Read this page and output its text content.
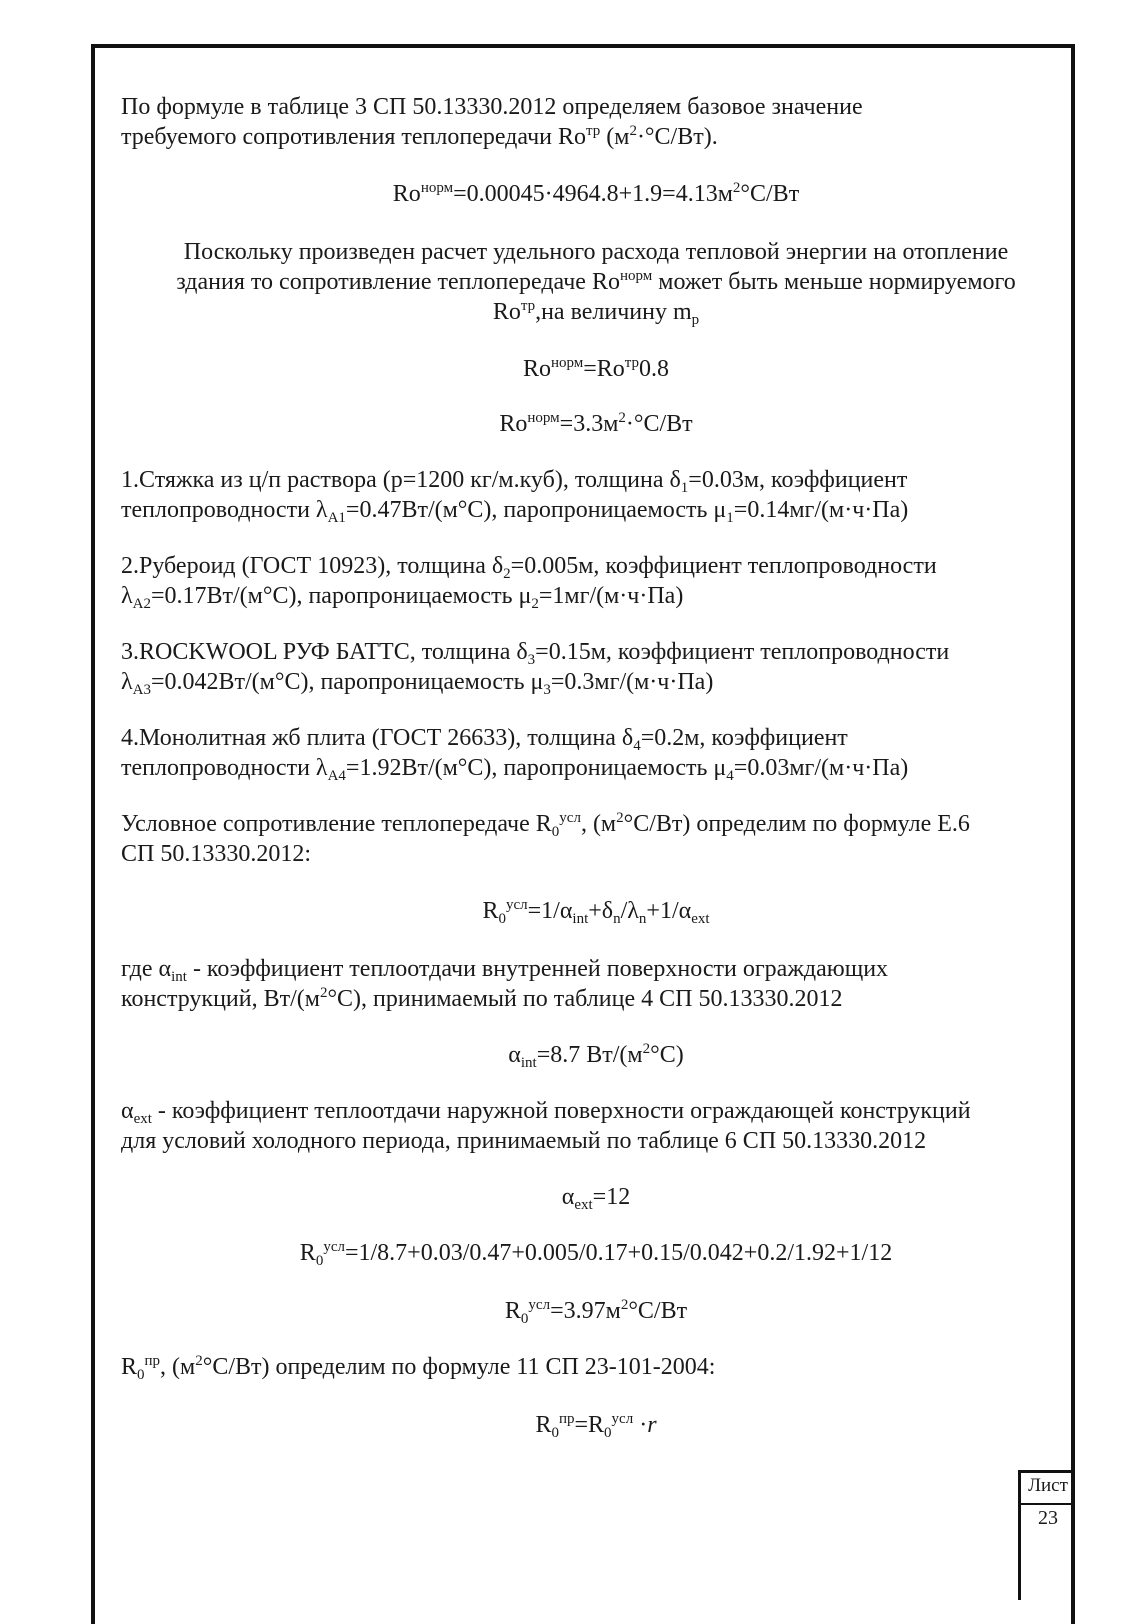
По формуле в таблице 3 СП 50.13330.2012 определяем базовое значение
требуемого сопротивления теплопередачи $Ro^{тр}$ $(м^2\cdot^\circ С/Вт)$.

$Ro^{норм}=0.00045\cdot 4964.8+1.9=4.13м^2^\circ С/Вт$

Поскольку произведен расчет удельного расхода тепловой энергии на отопление
здания то сопротивление теплопередаче $Ro^{норм}$ может быть меньше нормируемого
$Ro^{тр},на$ величину $m_p$

$Ro^{норм}=Ro^{тр}0.8$

$Ro^{норм}=3.3м^2\cdot^\circ С/Вт$

1.Стяжка из ц/п раствора (p=1200 кг/м.куб), толщина $\delta_1=0.03м$, коэффициент
теплопроводности $\lambda_{A1}=0.47Вт/(м^\circ С)$, паропроницаемость $\mu_1=0.14мг/(м\cdot ч\cdot Па)$

2.Рубероид (ГОСТ 10923), толщина $\delta_2=0.005м$, коэффициент теплопроводности
$\lambda_{A2}=0.17Вт/(м^\circ С)$, паропроницаемость $\mu_2=1мг/(м\cdot ч\cdot Па)$

3.ROCKWOOL РУФ БАТТС, толщина $\delta_3=0.15м$, коэффициент теплопроводности
$\lambda_{A3}=0.042Вт/(м^\circ С)$, паропроницаемость $\mu_3=0.3мг/(м\cdot ч\cdot Па)$

4.Монолитная жб плита (ГОСТ 26633), толщина $\delta_4=0.2м$, коэффициент
теплопроводности $\lambda_{A4}=1.92Вт/(м^\circ С)$, паропроницаемость $\mu_4=0.03мг/(м\cdot ч\cdot Па)$

Условное сопротивление теплопередаче $R_0^{усл}$, $(м^2^\circ С/Вт)$ определим по формуле Е.6
СП 50.13330.2012:

$R_0^{усл}=1/\alpha_{int}+\delta_n/\lambda_n+1/\alpha_{ext}$

где $\alpha_{int}$ - коэффициент теплоотдачи внутренней поверхности ограждающих
конструкций, $Вт/(м^2^\circ С)$, принимаемый по таблице 4 СП 50.13330.2012

$\alpha_{int}=8.7$ $Вт/(м^2^\circ С)$

$\alpha_{ext}$ - коэффициент теплоотдачи наружной поверхности ограждающей конструкций
для условий холодного периода, принимаемый по таблице 6 СП 50.13330.2012

$\alpha_{ext}=12$

$R_0^{усл}=1/8.7+0.03/0.47+0.005/0.17+0.15/0.042+0.2/1.92+1/12$

$R_0^{усл}=3.97м^2^\circ С/Вт$

$R_0^{пр}$, $(м^2^\circ С/Вт)$ определим по формуле 11 СП 23-101-2004:

$R_0^{пр}=R_0^{усл} \cdot r$

Лист
23
